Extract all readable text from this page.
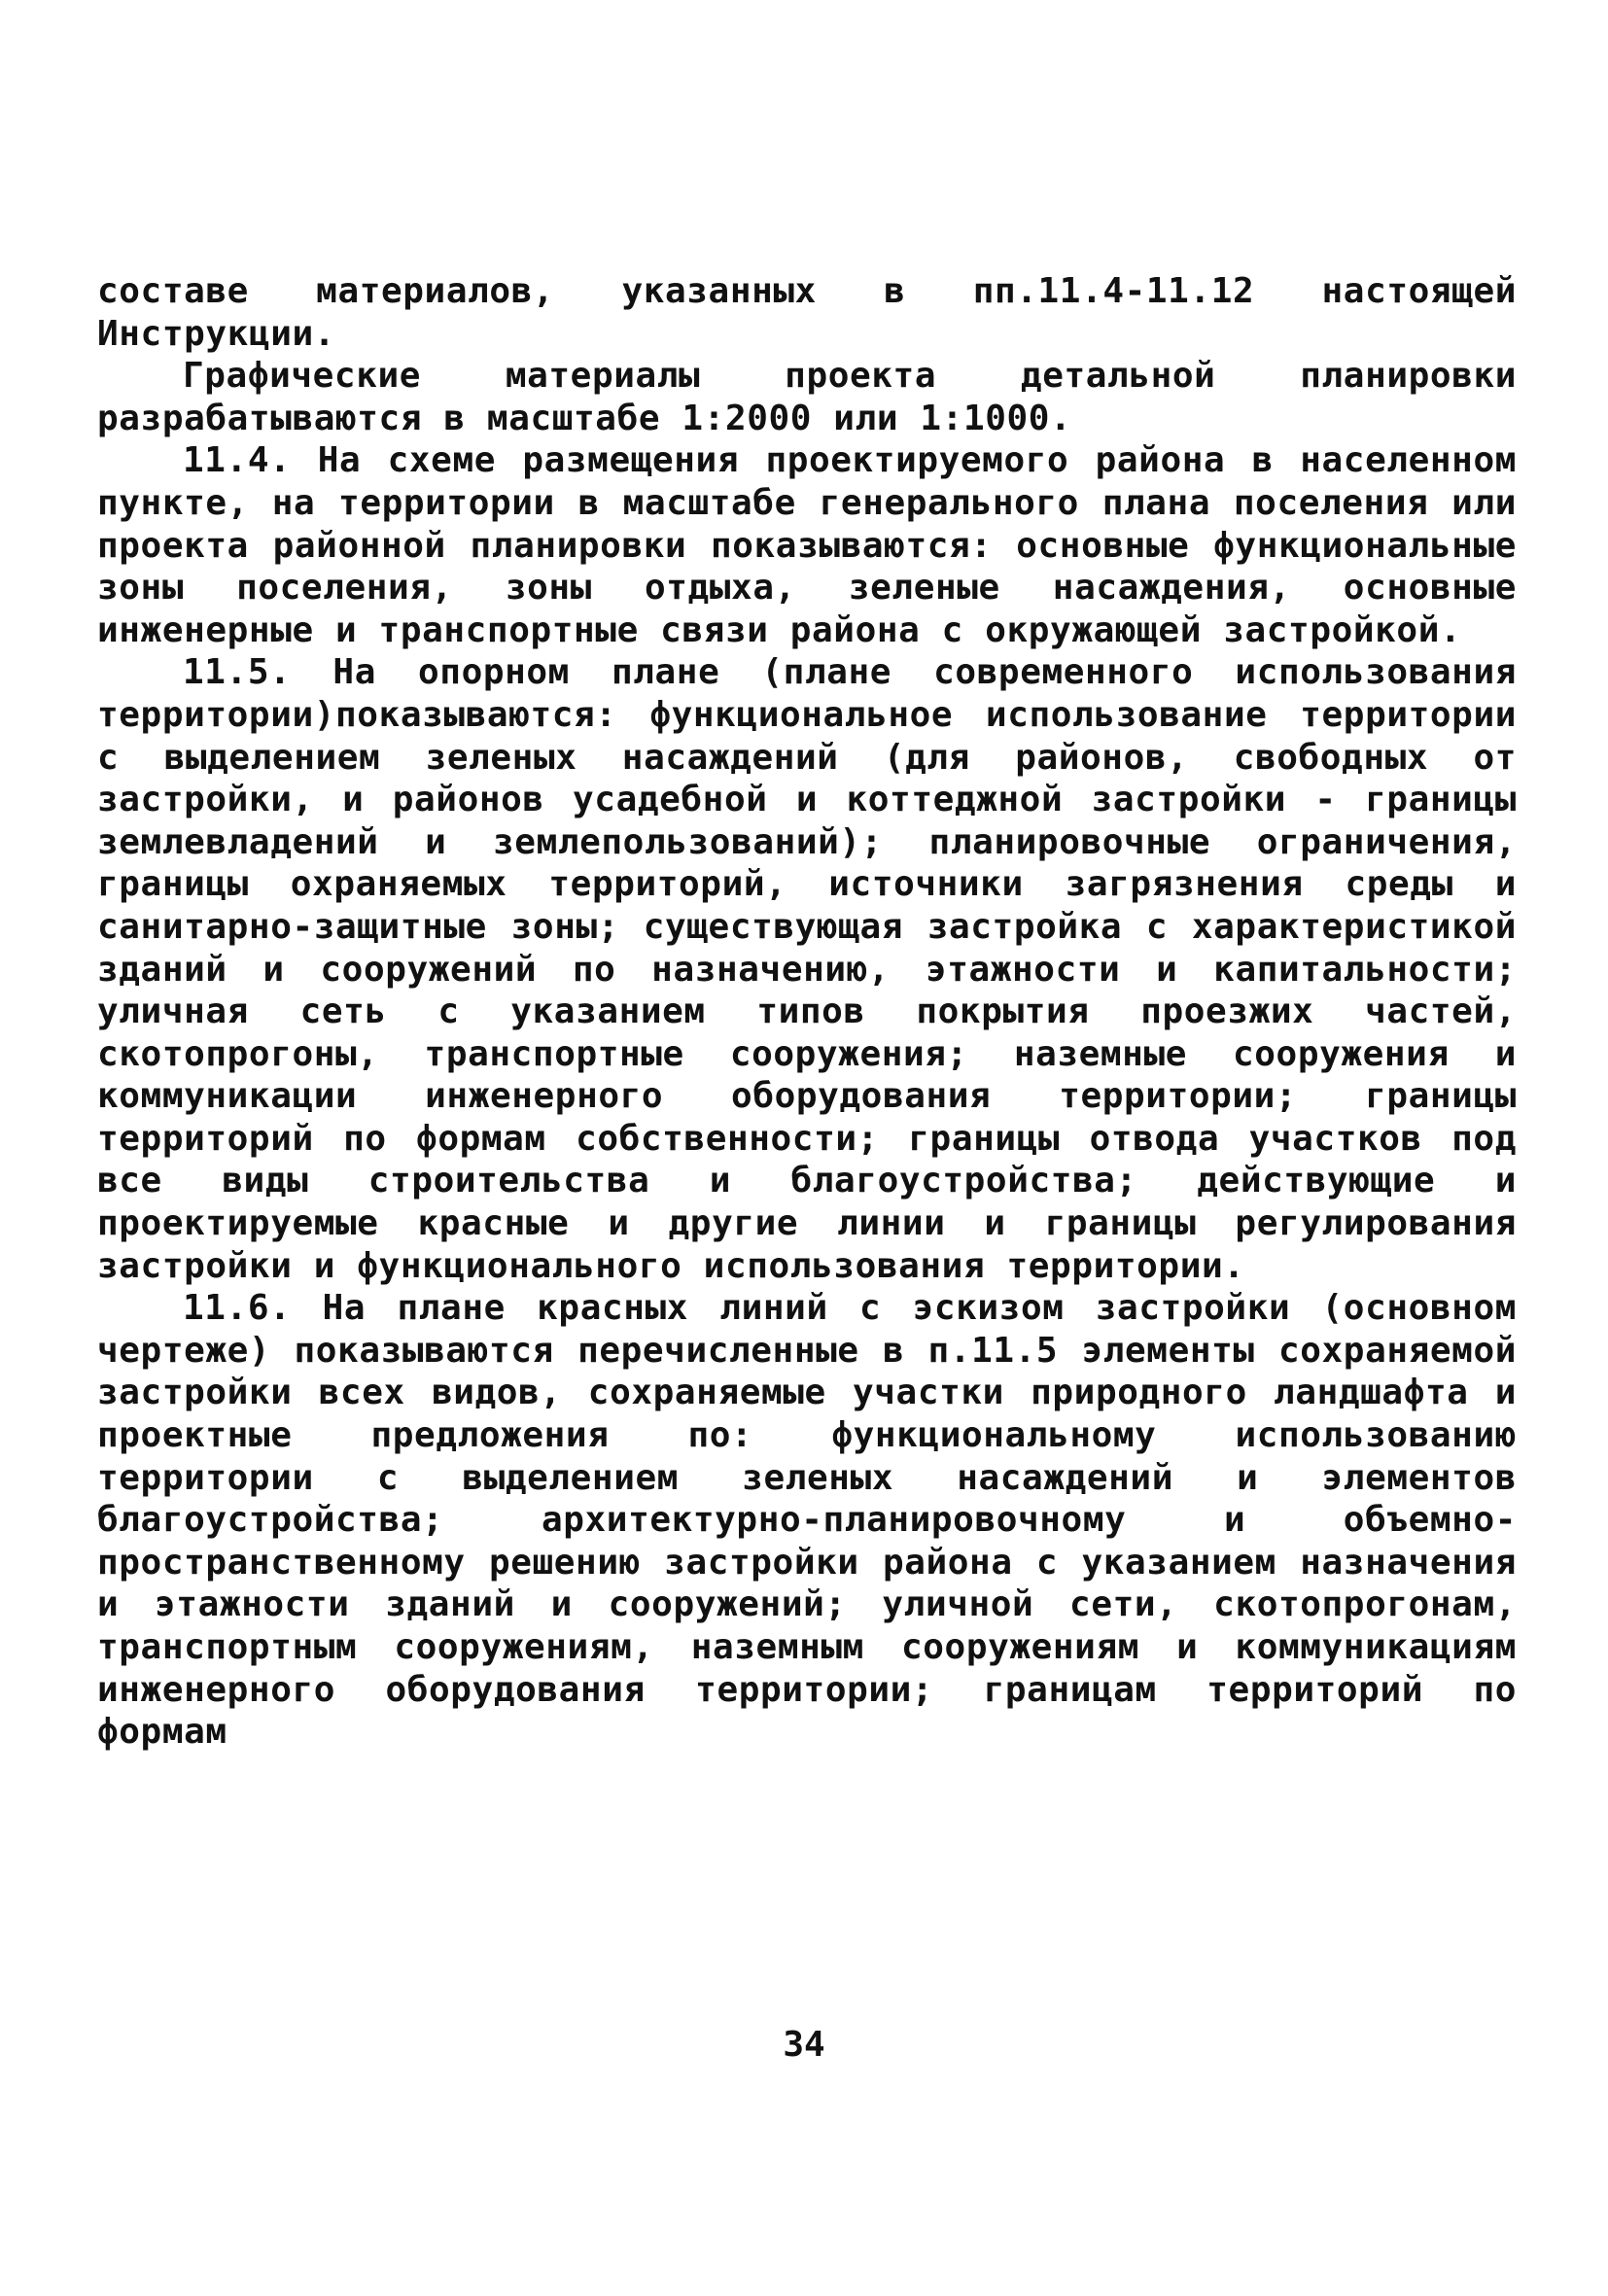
составе материалов, указанных в пп.11.4-11.12 настоящей Инструкции.

Графические материалы проекта детальной планировки разрабатываются в масштабе 1:2000 или 1:1000.

11.4. На схеме размещения проектируемого района в населенном пункте, на территории в масштабе генерального плана поселения или проекта районной планировки показываются: основные функциональные зоны поселения, зоны отдыха, зеленые насаждения, основные инженерные и транспортные связи района с окружающей застройкой.

11.5. На опорном плане (плане современного использования территории)показываются: функциональное использование территории с выделением зеленых насаждений (для районов, свободных от застройки, и районов усадебной и коттеджной застройки - границы землевладений и землепользований); планировочные ограничения, границы охраняемых территорий, источники загрязнения среды и санитарно-защитные зоны; существующая застройка с характеристикой зданий и сооружений по назначению, этажности и капитальности; уличная сеть с указанием типов покрытия проезжих частей, скотопрогоны, транспортные сооружения; наземные сооружения и коммуникации инженерного оборудования территории; границы территорий по формам собственности; границы отвода участков под все виды строительства и благоустройства; действующие и проектируемые красные и другие линии и границы регулирования застройки и функционального использования территории.

11.6. На плане красных линий с эскизом застройки (основном чертеже) показываются перечисленные в п.11.5 элементы сохраняемой застройки всех видов, сохраняемые участки природного ландшафта и проектные предложения по: функциональному использованию территории с выделением зеленых насаждений и элементов благоустройства; архитектурно-планировочному и объемно-пространственному решению застройки района с указанием назначения и этажности зданий и сооружений; уличной сети, скотопрогонам, транспортным сооружениям, наземным сооружениям и коммуникациям инженерного оборудования территории; границам территорий по формам

34
